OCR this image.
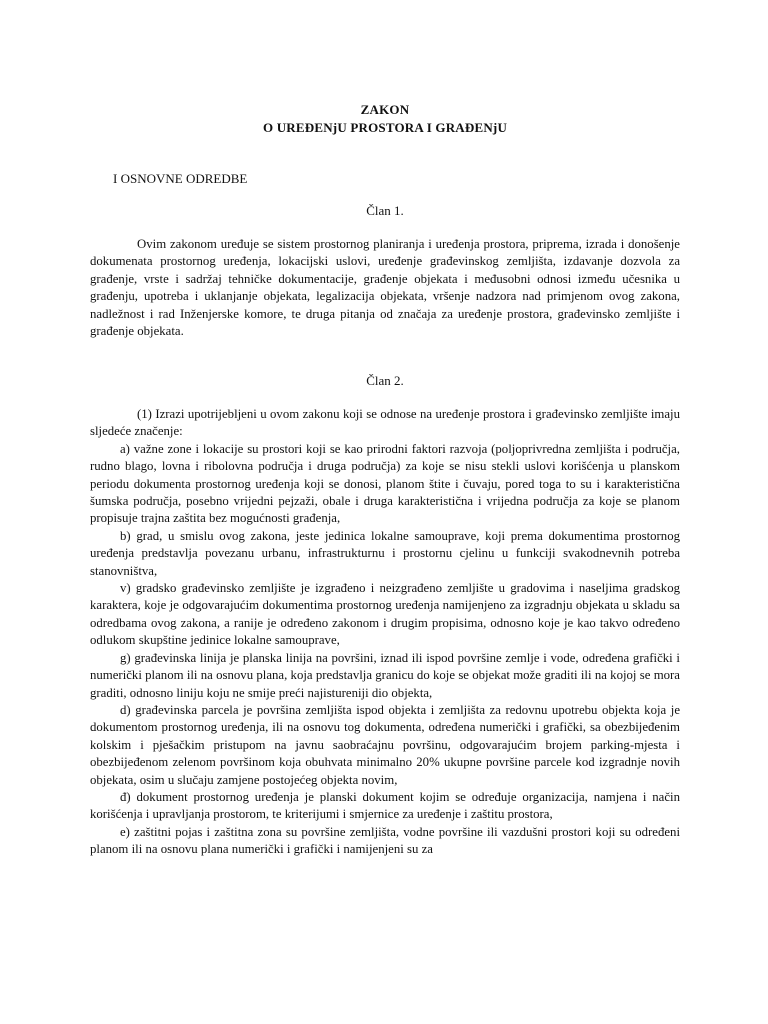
ZAKON
O UREĐENjU PROSTORA I GRAĐENjU
I OSNOVNE ODREDBE
Član 1.
Ovim zakonom uređuje se sistem prostornog planiranja i uređenja prostora, priprema, izrada i donošenje dokumenata prostornog uređenja, lokacijski uslovi, uređenje građevinskog zemljišta, izdavanje dozvola za građenje, vrste i sadržaj tehničke dokumentacije, građenje objekata i međusobni odnosi između učesnika u građenju, upotreba i uklanjanje objekata, legalizacija objekata, vršenje nadzora nad primjenom ovog zakona, nadležnost i rad Inženjerske komore, te druga pitanja od značaja za uređenje prostora, građevinsko zemljište i građenje objekata.
Član 2.

(1) Izrazi upotrijebljeni u ovom zakonu koji se odnose na uređenje prostora i građevinsko zemljište imaju sljedeće značenje:

a) važne zone i lokacije su prostori koji se kao prirodni faktori razvoja (poljoprivredna zemljišta i područja, rudno blago, lovna i ribolovna područja i druga područja) za koje se nisu stekli uslovi korišćenja u planskom periodu dokumenta prostornog uređenja koji se donosi, planom štite i čuvaju, pored toga to su i karakteristična šumska područja, posebno vrijedni pejzaži, obale i druga karakteristična i vrijedna područja za koje se planom propisuje trajna zaštita bez mogućnosti građenja,

b) grad, u smislu ovog zakona, jeste jedinica lokalne samouprave, koji prema dokumentima prostornog uređenja predstavlja povezanu urbanu, infrastrukturnu i prostornu cjelinu u funkciji svakodnevnih potreba stanovništva,

v) gradsko građevinsko zemljište je izgrađeno i neizgrađeno zemljište u gradovima i naseljima gradskog karaktera, koje je odgovarajućim dokumentima prostornog uređenja namijenjeno za izgradnju objekata u skladu sa odredbama ovog zakona, a ranije je određeno zakonom i drugim propisima, odnosno koje je kao takvo određeno odlukom skupštine jedinice lokalne samouprave,

g) građevinska linija je planska linija na površini, iznad ili ispod površine zemlje i vode, određena grafički i numerički planom ili na osnovu plana, koja predstavlja granicu do koje se objekat može graditi ili na kojoj se mora graditi, odnosno liniju koju ne smije preći najistureniji dio objekta,

d) građevinska parcela je površina zemljišta ispod objekta i zemljišta za redovnu upotrebu objekta koja je dokumentom prostornog uređenja, ili na osnovu tog dokumenta, određena numerički i grafički, sa obezbijeđenim kolskim i pješačkim pristupom na javnu saobraćajnu površinu, odgovarajućim brojem parking-mjesta i obezbijeđenom zelenom površinom koja obuhvata minimalno 20% ukupne površine parcele kod izgradnje novih objekata, osim u slučaju zamjene postojećeg objekta novim,

đ) dokument prostornog uređenja je planski dokument kojim se određuje organizacija, namjena i način korišćenja i upravljanja prostorom, te kriterijumi i smjernice za uređenje i zaštitu prostora,

e) zaštitni pojas i zaštitna zona su površine zemljišta, vodne površine ili vazdušni prostori koji su određeni planom ili na osnovu plana numerički i grafički i namijenjeni su za
